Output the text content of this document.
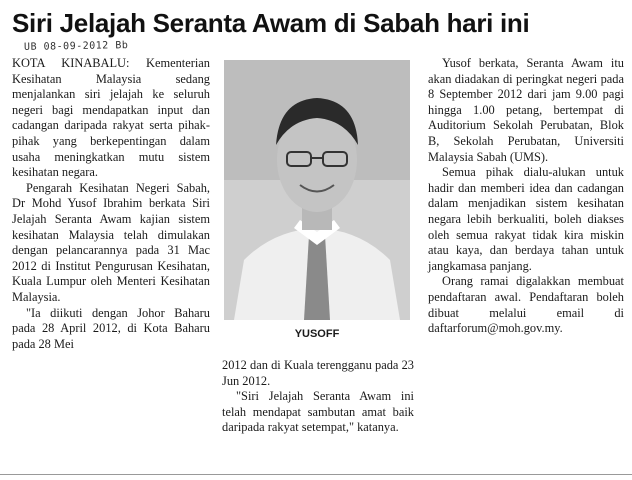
Siri Jelajah Seranta Awam di Sabah hari ini
UB 08-09-2012 Bb

KOTA KINABALU: Kementerian Kesihatan Malaysia sedang menjalankan siri jelajah ke seluruh negeri bagi mendapatkan input dan cadangan daripada rakyat serta pihak-pihak yang berkepentingan dalam usaha meningkatkan mutu sistem kesihatan negara.

Pengarah Kesihatan Negeri Sabah, Dr Mohd Yusof Ibrahim berkata Siri Jelajah Seranta Awam kajian sistem kesihatan Malaysia telah dimulakan dengan pelancarannya pada 31 Mac 2012 di Institut Pengurusan Kesihatan, Kuala Lumpur oleh Menteri Kesihatan Malaysia.

"Ia diikuti dengan Johor Baharu pada 28 April 2012, di Kota Baharu pada 28 Mei

YUSOFF

2012 dan di Kuala terengganu pada 23 Jun 2012.

"Siri Jelajah Seranta Awam ini telah mendapat sambutan amat baik daripada rakyat setempat," katanya.

Yusof berkata, Seranta Awam itu akan diadakan di peringkat negeri pada 8 September 2012 dari jam 9.00 pagi hingga 1.00 petang, bertempat di Auditorium Sekolah Perubatan, Blok B, Sekolah Perubatan, Universiti Malaysia Sabah (UMS).

Semua pihak dialu-alukan untuk hadir dan memberi idea dan cadangan dalam menjadikan sistem kesihatan negara lebih berkualiti, boleh diakses oleh semua rakyat tidak kira miskin atau kaya, dan berdaya tahan untuk jangkamasa panjang.

Orang ramai digalakkan membuat pendaftaran awal. Pendaftaran boleh dibuat melalui email di daftarforum@moh.gov.my.
